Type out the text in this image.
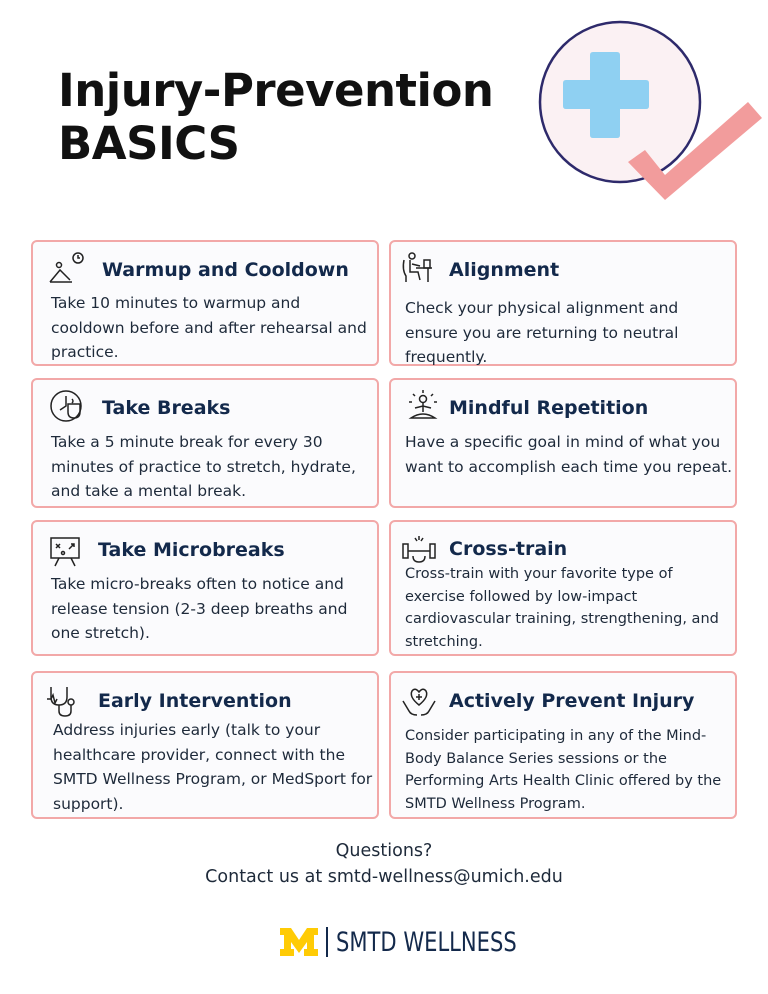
Injury-Prevention
BASICS
Warmup and Cooldown
Take 10 minutes to warmup and cooldown before and after rehearsal and practice.
Alignment
Check your physical alignment and ensure you are returning to neutral frequently.
Take Breaks
Take a 5 minute break for every 30 minutes of practice to stretch, hydrate, and take a mental break.
Mindful Repetition
Have a specific goal in mind of what you want to accomplish each time you repeat.
Take Microbreaks
Take micro-breaks often to notice and release tension (2-3 deep breaths and one stretch).
Cross-train
Cross-train with your favorite type of exercise followed by low-impact cardiovascular training, strengthening, and stretching.
Early Intervention
Address injuries early (talk to your healthcare provider, connect with the SMTD Wellness Program, or MedSport for support).
Actively Prevent Injury
Consider participating in any of the Mind-Body Balance Series sessions or the Performing Arts Health Clinic offered by the SMTD Wellness Program.
Questions?
Contact us at smtd-wellness@umich.edu
SMTD WELLNESS
